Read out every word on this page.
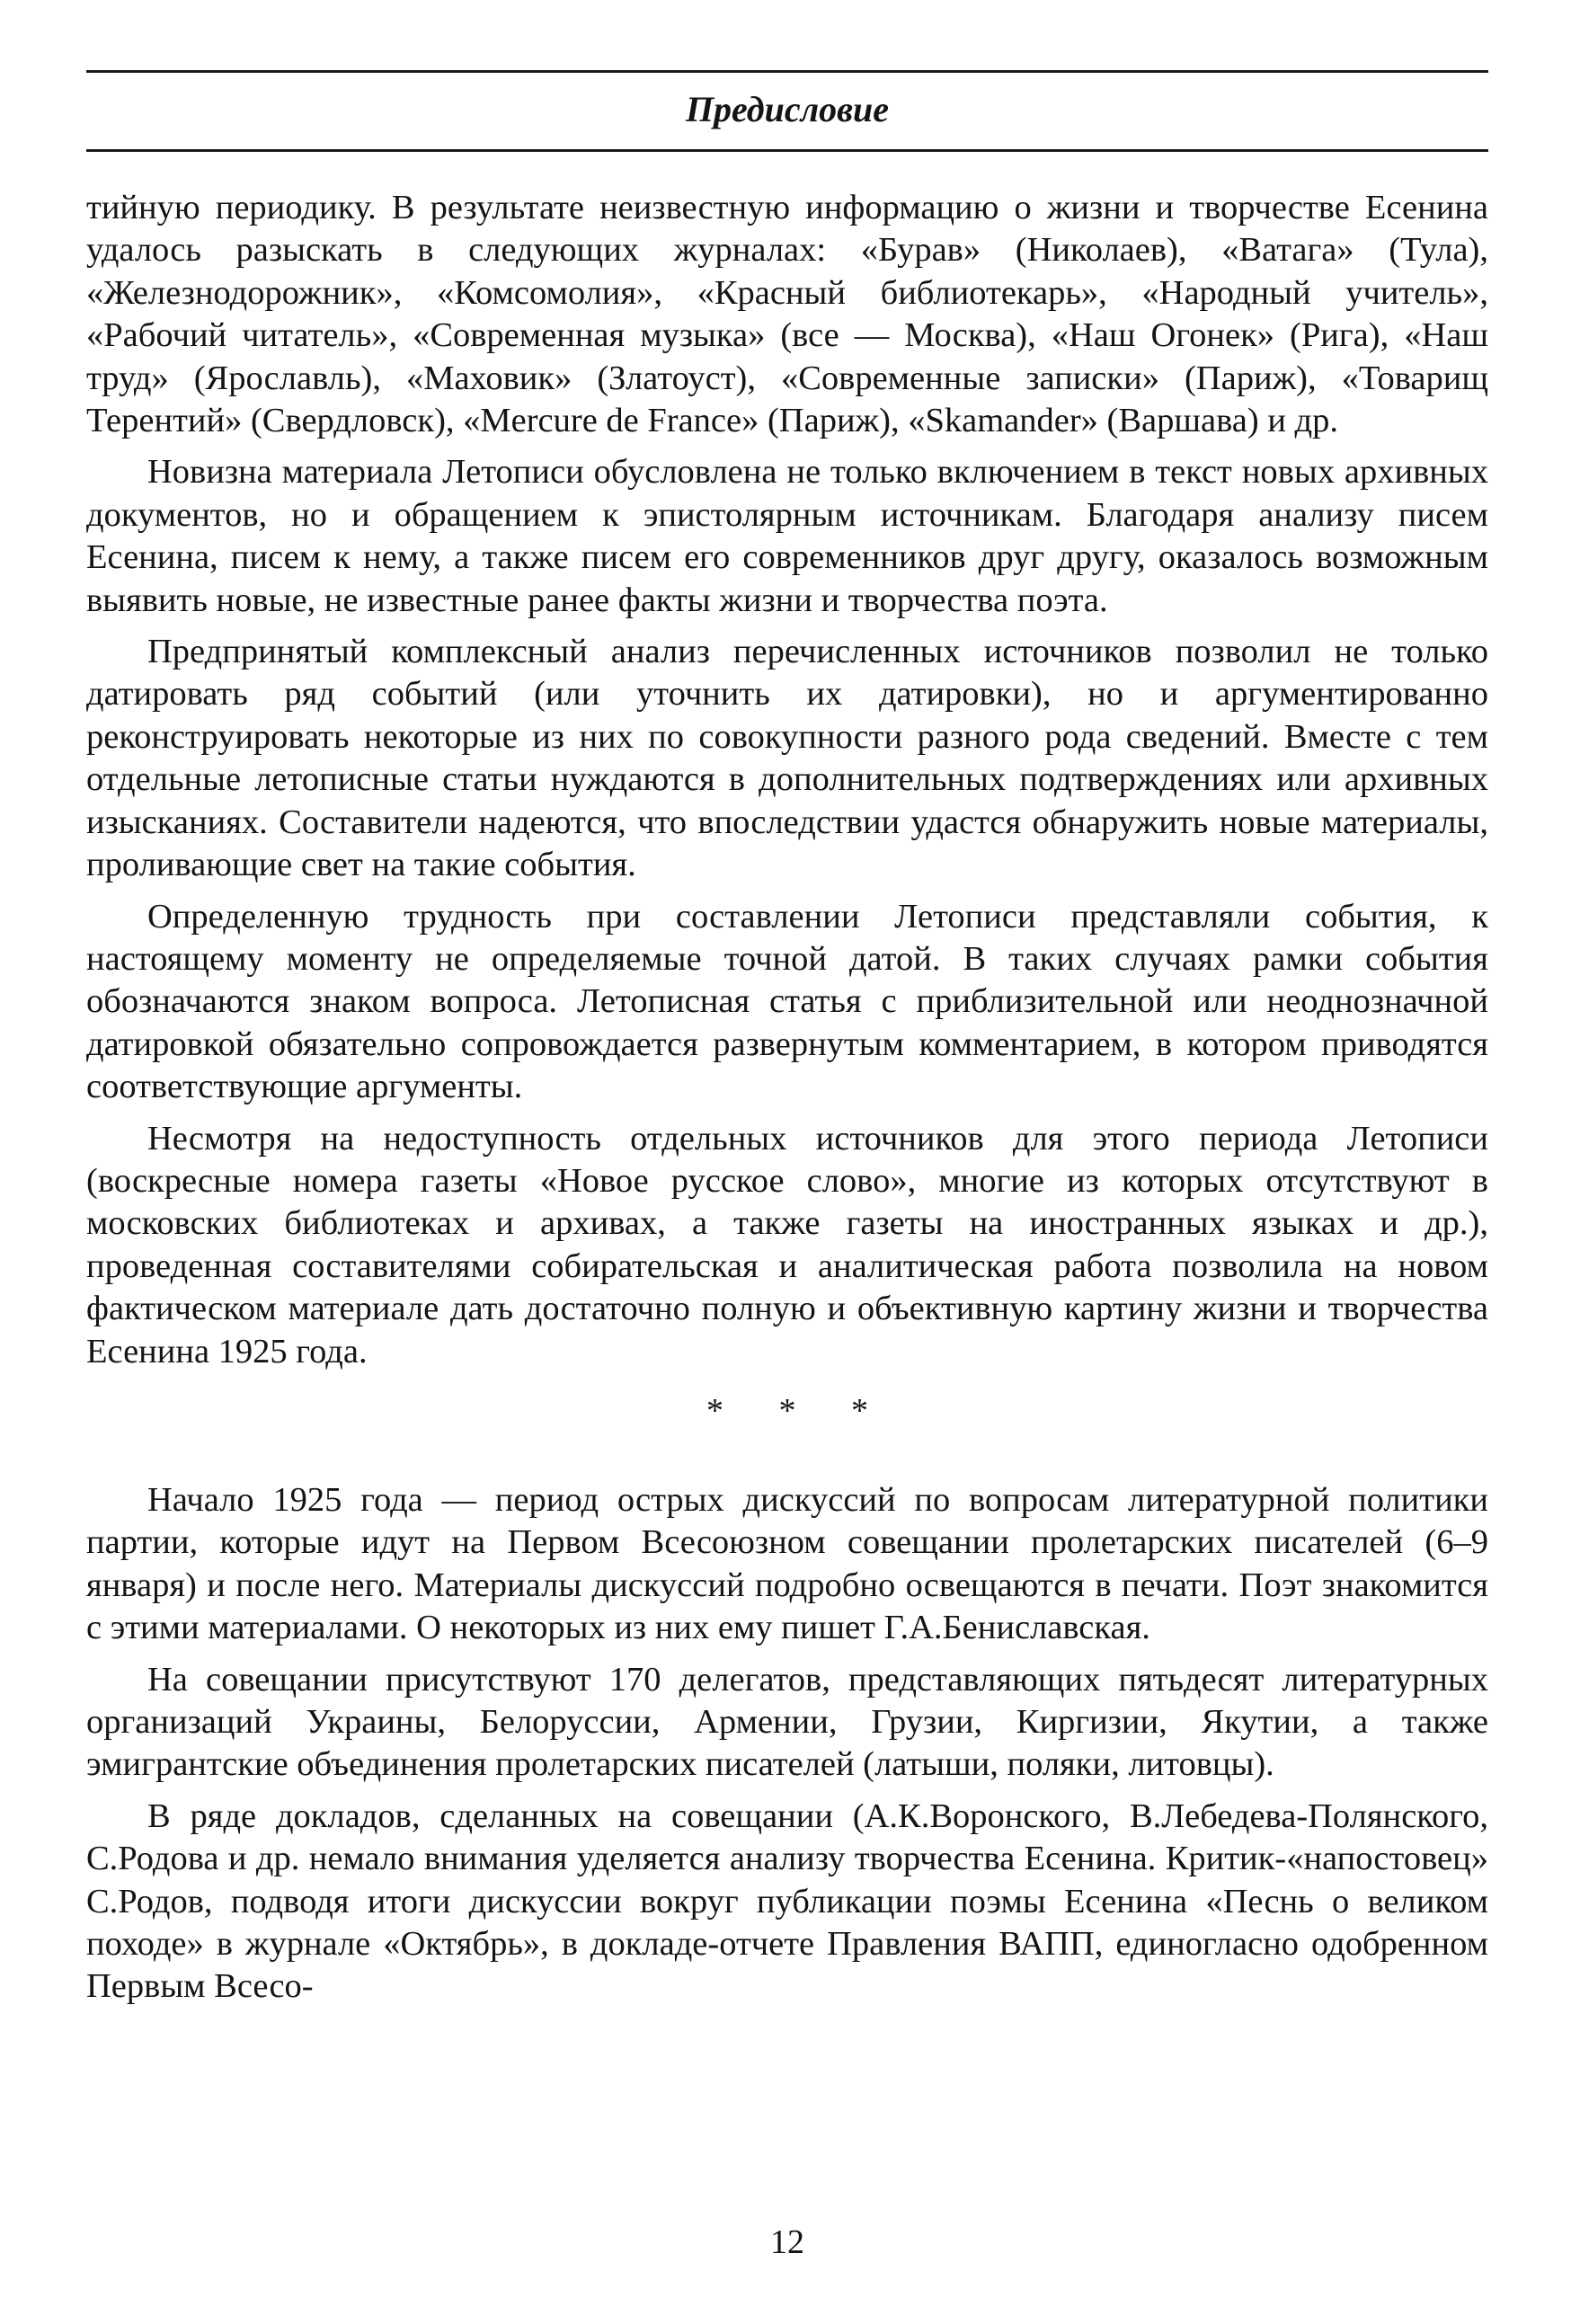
Предисловие

тийную периодику. В результате неизвестную информацию о жизни и творчестве Есенина удалось разыскать в следующих журналах: «Бурав» (Николаев), «Ватага» (Тула), «Железнодорожник», «Комсомолия», «Красный библиотекарь», «Народный учитель», «Рабочий читатель», «Современная музыка» (все — Москва), «Наш Огонек» (Рига), «Наш труд» (Ярославль), «Маховик» (Златоуст), «Современные записки» (Париж), «Товарищ Терентий» (Свердловск), «Mercure de France» (Париж), «Skamander» (Варшава) и др.

Новизна материала Летописи обусловлена не только включением в текст новых архивных документов, но и обращением к эпистолярным источникам. Благодаря анализу писем Есенина, писем к нему, а также писем его современников друг другу, оказалось возможным выявить новые, не известные ранее факты жизни и творчества поэта.

Предпринятый комплексный анализ перечисленных источников позволил не только датировать ряд событий (или уточнить их датировки), но и аргументированно реконструировать некоторые из них по совокупности разного рода сведений. Вместе с тем отдельные летописные статьи нуждаются в дополнительных подтверждениях или архивных изысканиях. Составители надеются, что впоследствии удастся обнаружить новые материалы, проливающие свет на такие события.

Определенную трудность при составлении Летописи представляли события, к настоящему моменту не определяемые точной датой. В таких случаях рамки события обозначаются знаком вопроса. Летописная статья с приблизительной или неоднозначной датировкой обязательно сопровождается развернутым комментарием, в котором приводятся соответствующие аргументы.

Несмотря на недоступность отдельных источников для этого периода Летописи (воскресные номера газеты «Новое русское слово», многие из которых отсутствуют в московских библиотеках и архивах, а также газеты на иностранных языках и др.), проведенная составителями собирательская и аналитическая работа позволила на новом фактическом материале дать достаточно полную и объективную картину жизни и творчества Есенина 1925 года.

* * *

Начало 1925 года — период острых дискуссий по вопросам литературной политики партии, которые идут на Первом Всесоюзном совещании пролетарских писателей (6–9 января) и после него. Материалы дискуссий подробно освещаются в печати. Поэт знакомится с этими материалами. О некоторых из них ему пишет Г.А.Бениславская.

На совещании присутствуют 170 делегатов, представляющих пятьдесят литературных организаций Украины, Белоруссии, Армении, Грузии, Киргизии, Якутии, а также эмигрантские объединения пролетарских писателей (латыши, поляки, литовцы).

В ряде докладов, сделанных на совещании (А.К.Воронского, В.Лебедева-Полянского, С.Родова и др. немало внимания уделяется анализу творчества Есенина. Критик-«напостовец» С.Родов, подводя итоги дискуссии вокруг публикации поэмы Есенина «Песнь о великом походе» в журнале «Октябрь», в докладе-отчете Правления ВАПП, единогласно одобренном Первым Всесо-

12
